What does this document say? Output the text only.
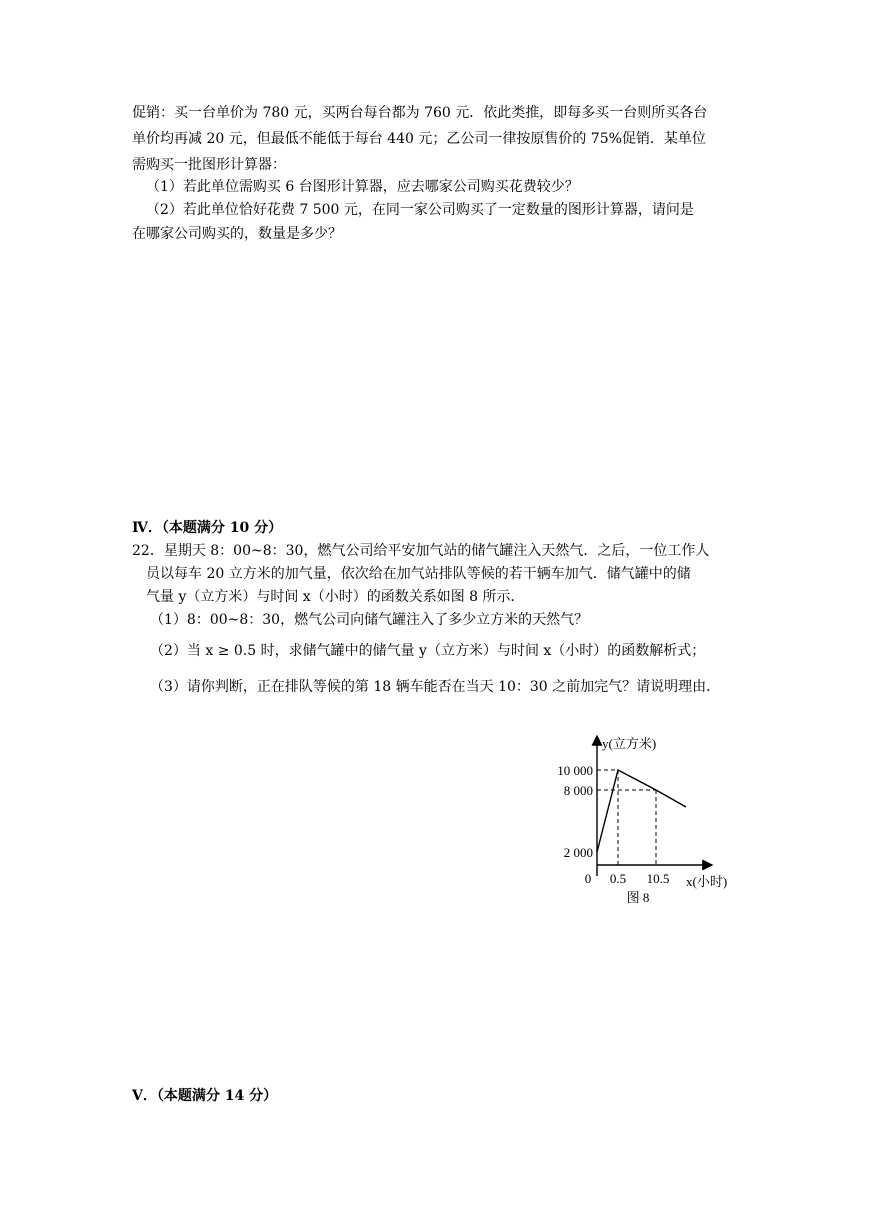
促销：买一台单价为 780 元，买两台每台都为 760 元．依此类推，即每多买一台则所买各台
单价均再减 20 元，但最低不能低于每台 440 元；乙公司一律按原售价的 75%促销．某单位
需购买一批图形计算器：
（1）若此单位需购买 6 台图形计算器，应去哪家公司购买花费较少？
（2）若此单位恰好花费 7 500 元，在同一家公司购买了一定数量的图形计算器，请问是
在哪家公司购买的，数量是多少？
Ⅳ．（本题满分 10 分）
22．星期天 8：00~8：30，燃气公司给平安加气站的储气罐注入天然气．之后，一位工作人
员以每车 20 立方米的加气量，依次给在加气站排队等候的若干辆车加气．储气罐中的储
气量 y（立方米）与时间 x（小时）的函数关系如图 8 所示．
（1）8：00~8：30，燃气公司向储气罐注入了多少立方米的天然气？
（2）当 x ≥ 0.5 时，求储气罐中的储气量 y（立方米）与时间 x（小时）的函数解析式；
（3）请你判断，正在排队等候的第 18 辆车能否在当天 10：30 之前加完气？请说明理由．
y(立方米)
10 000
8 000
2 000
0 0.5 10.5 x(小时)
图 8
Ⅴ．（本题满分 14 分）
